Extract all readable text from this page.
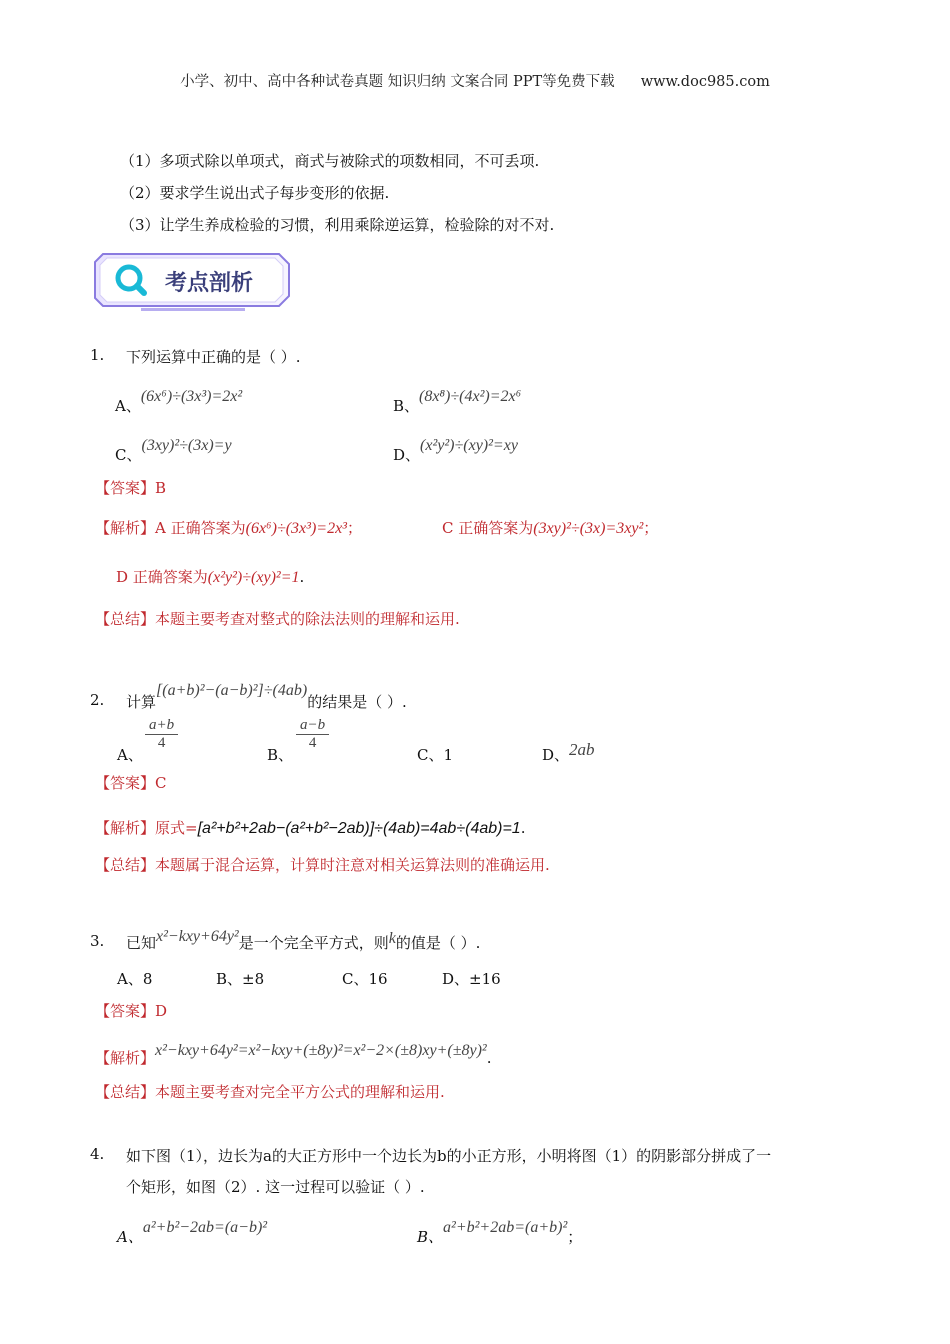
小学、初中、高中各种试卷真题 知识归纳 文案合同 PPT等免费下载 www.doc985.com
（1）多项式除以单项式，商式与被除式的项数相同，不可丢项.
（2）要求学生说出式子每步变形的依据.
（3）让学生养成检验的习惯，利用乘除逆运算，检验除的对不对.
考点剖析
1. 下列运算中正确的是（ ）.
A、(6x⁶)÷(3x³)=2x²
B、(8x⁸)÷(4x²)=2x⁶
C、(3xy)²÷(3x)=y
D、(x²y²)÷(xy)²=xy
【答案】B
【解析】A 正确答案为(6x⁶)÷(3x³)=2x³；	C 正确答案为(3xy)²÷(3x)=3xy²；
D 正确答案为(x²y²)÷(xy)²=1.
【总结】本题主要考查对整式的除法法则的理解和运用.
2. 计算[(a+b)²−(a−b)²]÷(4ab)的结果是（ ）.
A、
$\frac{a+b}{4}$
B、
$\frac{a-b}{4}$
C、1	D、2ab
【答案】C
【解析】原式=[a²+b²+2ab−(a²+b²−2ab)]÷(4ab)=4ab÷(4ab)=1.
【总结】本题属于混合运算，计算时注意对相关运算法则的准确运用.
3. 已知x²−kxy+64y²是一个完全平方式，则k的值是（ ）.
A、8	B、±8	C、16	D、±16
【答案】D
【解析】x²−kxy+64y²=x²−kxy+(±8y)²=x²−2×(±8)xy+(±8y)².
【总结】本题主要考查对完全平方公式的理解和运用.
4. 如下图（1），边长为a的大正方形中一个边长为b的小正方形，小明将图（1）的阴影部分拼成了一
个矩形，如图（2）. 这一过程可以验证（ ）.
A、a²+b²−2ab=(a−b)²
B、a²+b²+2ab=(a+b)²；
